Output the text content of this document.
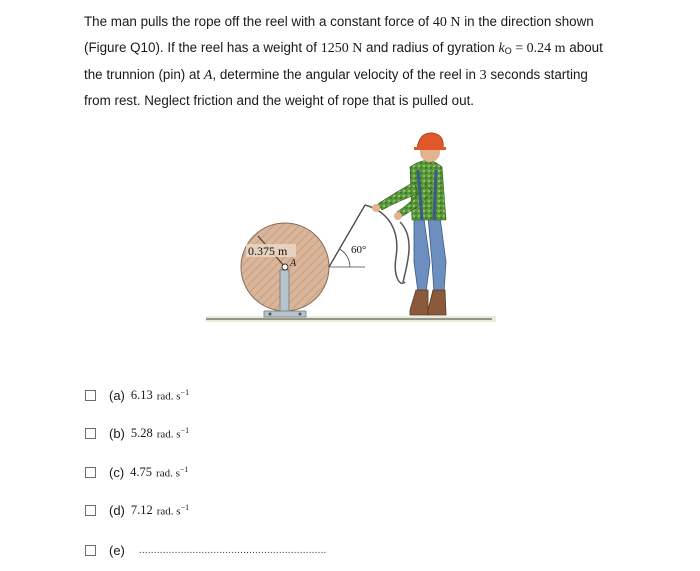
The man pulls the rope off the reel with a constant force of 40 N in the direction shown
(Figure Q10). If the reel has a weight of 1250 N and radius of gyration $k_O = 0.24$ m about
the trunnion (pin) at A, determine the angular velocity of the reel in 3 seconds starting
from rest. Neglect friction and the weight of rope that is pulled out.
0.375 m
A
60°
(a) 6.13 rad. $s^{-1}$
(b) 5.28 rad. $s^{-1}$
(c) 4.75 rad. $s^{-1}$
(d) 7.12 rad. $s^{-1}$
(e) ...............................................................
